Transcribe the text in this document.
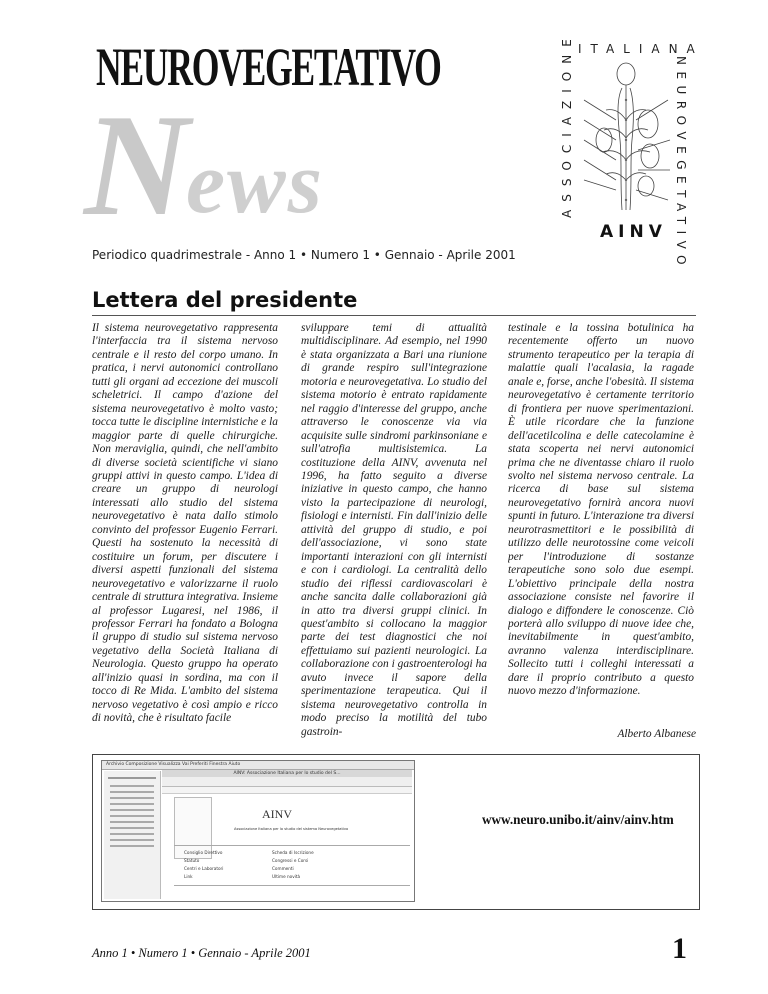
N ews
NEUROVEGETATIVO
Periodico quadrimestrale - Anno 1 • Numero 1 • Gennaio - Aprile 2001
ITALIANA
ASSOCIAZIONE	NEUROVEGETATIVO
AINV
Lettera del presidente

Il sistema neurovegetativo rappresenta l'interfaccia tra il sistema nervoso centrale e il resto del corpo umano. In pratica, i nervi autonomici controllano tutti gli organi ad eccezione dei muscoli scheletrici. Il campo d'azione del sistema neurovegetativo è molto vasto; tocca tutte le discipline internistiche e la maggior parte di quelle chirurgiche. Non meraviglia, quindi, che nell'ambito di diverse società scientifiche vi siano gruppi attivi in questo campo. L'idea di creare un gruppo di neurologi interessati allo studio del sistema neurovegetativo è nata dallo stimolo convinto del professor Eugenio Ferrari. Questi ha sostenuto la necessità di costituire un forum, per discutere i diversi aspetti funzionali del sistema neurovegetativo e valorizzarne il ruolo centrale di struttura integrativa. Insieme al professor Lugaresi, nel 1986, il professor Ferrari ha fondato a Bologna il gruppo di studio sul sistema nervoso vegetativo della Società Italiana di Neurologia. Questo gruppo ha operato all'inizio quasi in sordina, ma con il tocco di Re Mida. L'ambito del sistema nervoso vegetativo è così ampio e ricco di novità, che è risultato facile

sviluppare temi di attualità multidisciplinare. Ad esempio, nel 1990 è stata organizzata a Bari una riunione di grande respiro sull'integrazione motoria e neurovegetativa. Lo studio del sistema motorio è entrato rapidamente nel raggio d'interesse del gruppo, anche attraverso le conoscenze via via acquisite sulle sindromi parkinsoniane e sull'atrofia multisistemica. La costituzione della AINV, avvenuta nel 1996, ha fatto seguito a diverse iniziative in questo campo, che hanno visto la partecipazione di neurologi, fisiologi e internisti. Fin dall'inizio delle attività del gruppo di studio, e poi dell'associazione, vi sono state importanti interazioni con gli internisti e con i cardiologi. La centralità dello studio dei riflessi cardiovascolari è anche sancita dalle collaborazioni già in atto tra diversi gruppi clinici. In quest'ambito si collocano la maggior parte dei test diagnostici che noi effettuiamo sui pazienti neurologici. La collaborazione con i gastroenterologi ha avuto invece il sapore della sperimentazione terapeutica. Qui il sistema neurovegetativo controlla in modo preciso la motilità del tubo gastroin-

testinale e la tossina botulinica ha recentemente offerto un nuovo strumento terapeutico per la terapia di malattie quali l'acalasia, la ragade anale e, forse, anche l'obesità. Il sistema neurovegetativo è certamente territorio di frontiera per nuove sperimentazioni. È utile ricordare che la funzione dell'acetilcolina e delle catecolamine è stata scoperta nei nervi autonomici prima che ne diventasse chiaro il ruolo svolto nel sistema nervoso centrale. La ricerca di base sul sistema neurovegetativo fornirà ancora nuovi spunti in futuro. L'interazione tra diversi neurotrasmettitori e le possibilità di utilizzo delle neurotossine come veicoli per l'introduzione di sostanze terapeutiche sono solo due esempi. L'obiettivo principale della nostra associazione consiste nel favorire il dialogo e diffondere le conoscenze. Ciò porterà allo sviluppo di nuove idee che, inevitabilmente in quest'ambito, avranno valenza interdisciplinare. Sollecito tutti i colleghi interessati a dare il proprio contributo a questo nuovo mezzo d'informazione.

Alberto Albanese
Archivio Composizione Visualizza Vai Preferiti Finestra Aiuto
AINV: Associazione Italiana per lo studio del S...
AINV
Associazione Italiana per lo studio del sistema Neurovegetativo
Consiglio Direttivo
Statuto
Centri e Laboratori
Link
Scheda di Iscrizione
Congressi e Corsi
Commenti
Ultime novità
www.neuro.unibo.it/ainv/ainv.htm
Anno 1 • Numero 1 • Gennaio - Aprile 2001	1
